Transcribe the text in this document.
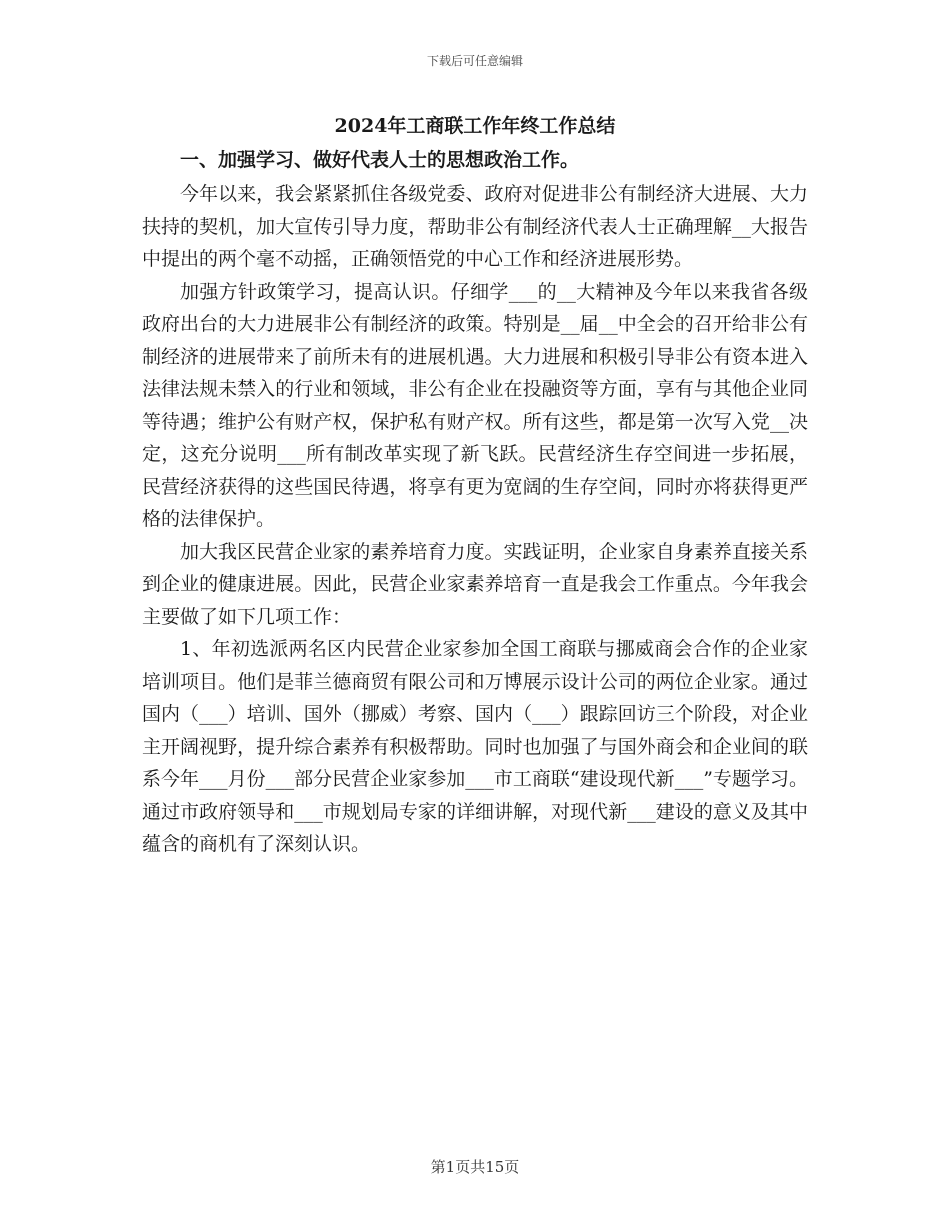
下载后可任意编辑
2024年工商联工作年终工作总结
一、加强学习、做好代表人士的思想政治工作。

今年以来，我会紧紧抓住各级党委、政府对促进非公有制经济大进展、大力扶持的契机，加大宣传引导力度，帮助非公有制经济代表人士正确理解__大报告中提出的两个毫不动摇，正确领悟党的中心工作和经济进展形势。

加强方针政策学习，提高认识。仔细学___的__大精神及今年以来我省各级政府出台的大力进展非公有制经济的政策。特别是__届__中全会的召开给非公有制经济的进展带来了前所未有的进展机遇。大力进展和积极引导非公有资本进入法律法规未禁入的行业和领域，非公有企业在投融资等方面，享有与其他企业同等待遇；维护公有财产权，保护私有财产权。所有这些，都是第一次写入党__决定，这充分说明___所有制改革实现了新飞跃。民营经济生存空间进一步拓展，民营经济获得的这些国民待遇，将享有更为宽阔的生存空间，同时亦将获得更严格的法律保护。

加大我区民营企业家的素养培育力度。实践证明，企业家自身素养直接关系到企业的健康进展。因此，民营企业家素养培育一直是我会工作重点。今年我会主要做了如下几项工作：

1、年初选派两名区内民营企业家参加全国工商联与挪威商会合作的企业家培训项目。他们是菲兰德商贸有限公司和万博展示设计公司的两位企业家。通过国内（___）培训、国外（挪威）考察、国内（___）跟踪回访三个阶段，对企业主开阔视野，提升综合素养有积极帮助。同时也加强了与国外商会和企业间的联系今年___月份___部分民营企业家参加___市工商联“建设现代新___”专题学习。通过市政府领导和___市规划局专家的详细讲解，对现代新___建设的意义及其中蕴含的商机有了深刻认识。

第1页共15页
